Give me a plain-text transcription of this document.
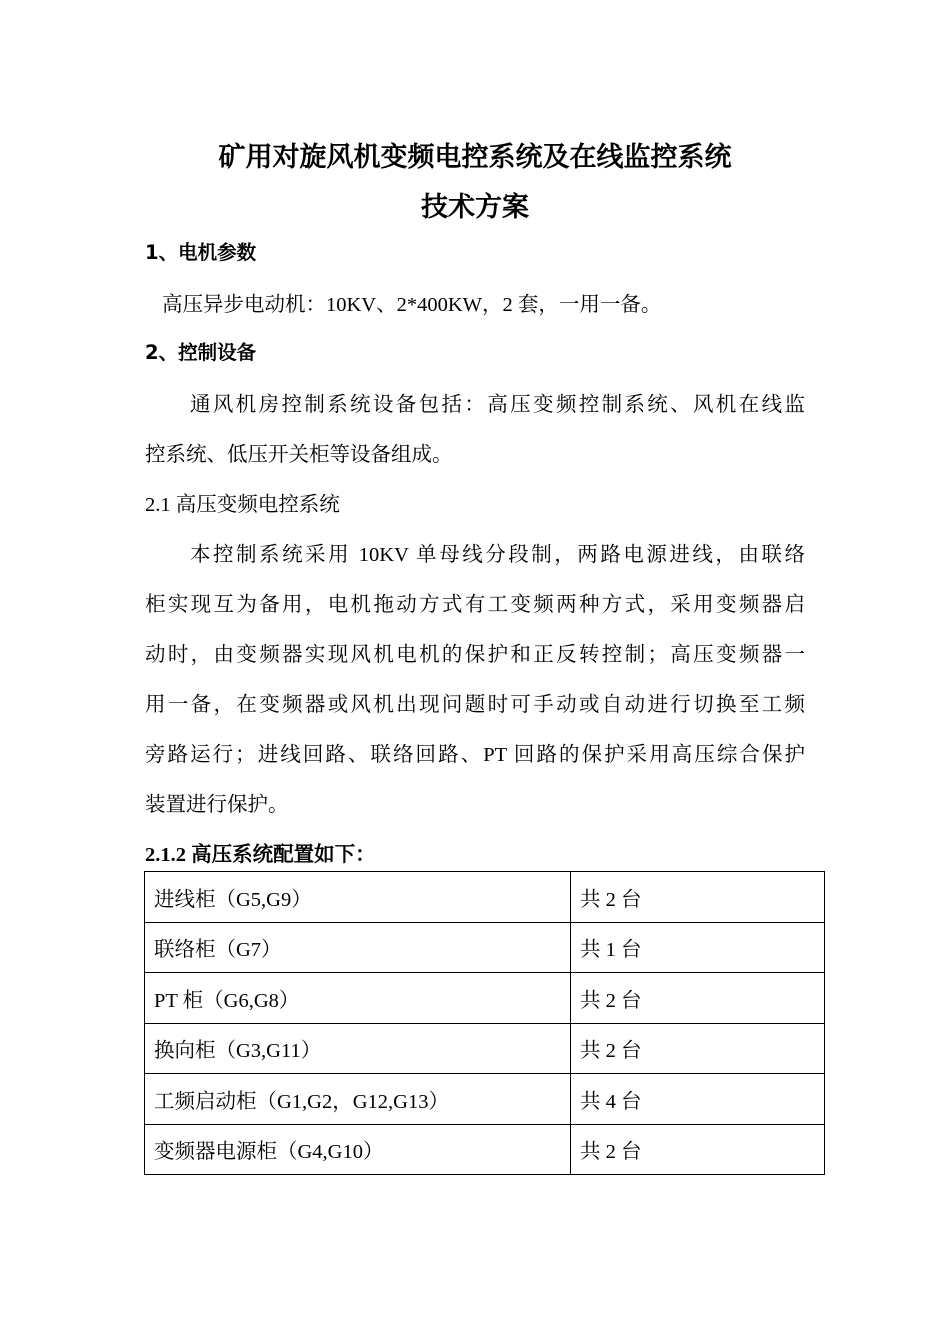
矿用对旋风机变频电控系统及在线监控系统
技术方案
1、电机参数
高压异步电动机：10KV、2*400KW，2 套，一用一备。
2、控制设备
通风机房控制系统设备包括：高压变频控制系统、风机在线监
控系统、低压开关柜等设备组成。
2.1 高压变频电控系统
本控制系统采用 10KV 单母线分段制，两路电源进线，由联络
柜实现互为备用，电机拖动方式有工变频两种方式，采用变频器启
动时，由变频器实现风机电机的保护和正反转控制；高压变频器一
用一备，在变频器或风机出现问题时可手动或自动进行切换至工频
旁路运行；进线回路、联络回路、PT 回路的保护采用高压综合保护
装置进行保护。
2.1.2 高压系统配置如下：
进线柜（G5,G9）	共 2 台
联络柜（G7）	共 1 台
PT 柜（G6,G8）	共 2 台
换向柜（G3,G11）	共 2 台
工频启动柜（G1,G2，G12,G13）	共 4 台
变频器电源柜（G4,G10）	共 2 台
